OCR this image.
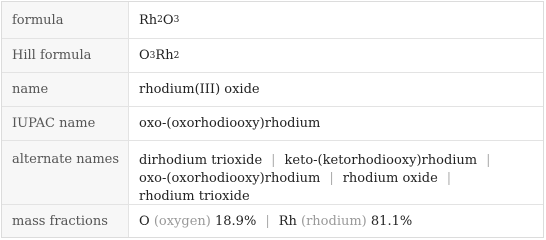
formula	Rh 2 O 3
Hill formula	O 3 Rh 2
name	rhodium(III) oxide
IUPAC name	oxo-(oxorhodiooxy)rhodium
alternate names	dirhodium trioxide | keto-(ketorhodiooxy)rhodium |
oxo-(oxorhodiooxy)rhodium | rhodium oxide |
rhodium trioxide
mass fractions	O
(oxygen)
18.9% | Rh
(rhodium)
81.1%
